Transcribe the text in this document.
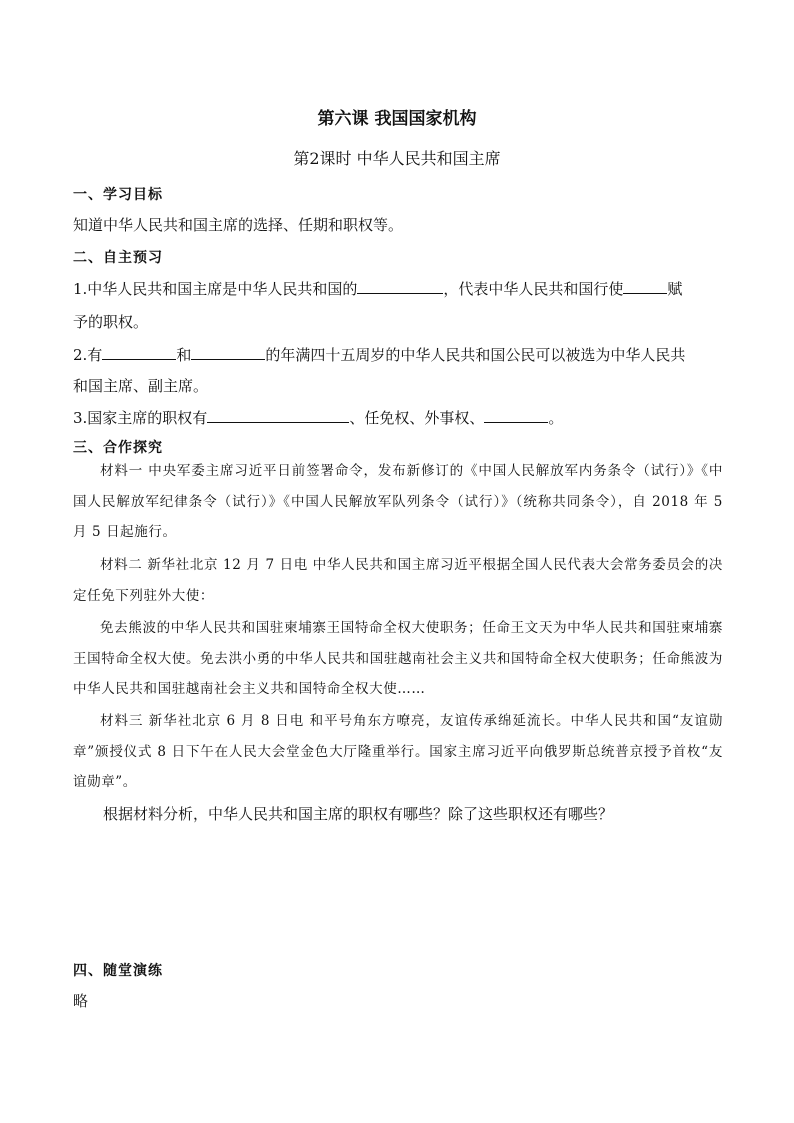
第六课 我国国家机构
第2课时 中华人民共和国主席
一、学习目标
知道中华人民共和国主席的选择、任期和职权等。
二、自主预习
1.中华人民共和国主席是中华人民共和国的	，代表中华人民共和国行使	赋
予的职权。
2.有	和	的年满四十五周岁的中华人民共和国公民可以被选为中华人民共
和国主席、副主席。
3.国家主席的职权有	、任免权、外事权、	。
三、合作探究
材料一 中央军委主席习近平日前签署命令，发布新修订的《中国人民解放军内务条令（试行）》《中国人民解放军纪律条令（试行）》《中国人民解放军队列条令（试行）》（统称共同条令），自 2018 年 5 月 5 日起施行。
材料二 新华社北京 12 月 7 日电 中华人民共和国主席习近平根据全国人民代表大会常务委员会的决定任免下列驻外大使：
免去熊波的中华人民共和国驻柬埔寨王国特命全权大使职务；任命王文天为中华人民共和国驻柬埔寨王国特命全权大使。免去洪小勇的中华人民共和国驻越南社会主义共和国特命全权大使职务；任命熊波为中华人民共和国驻越南社会主义共和国特命全权大使……
材料三 新华社北京 6 月 8 日电 和平号角东方嘹亮，友谊传承绵延流长。中华人民共和国“友谊勋章”颁授仪式 8 日下午在人民大会堂金色大厅隆重举行。国家主席习近平向俄罗斯总统普京授予首枚“友谊勋章”。
根据材料分析，中华人民共和国主席的职权有哪些？除了这些职权还有哪些？
四、随堂演练
略
